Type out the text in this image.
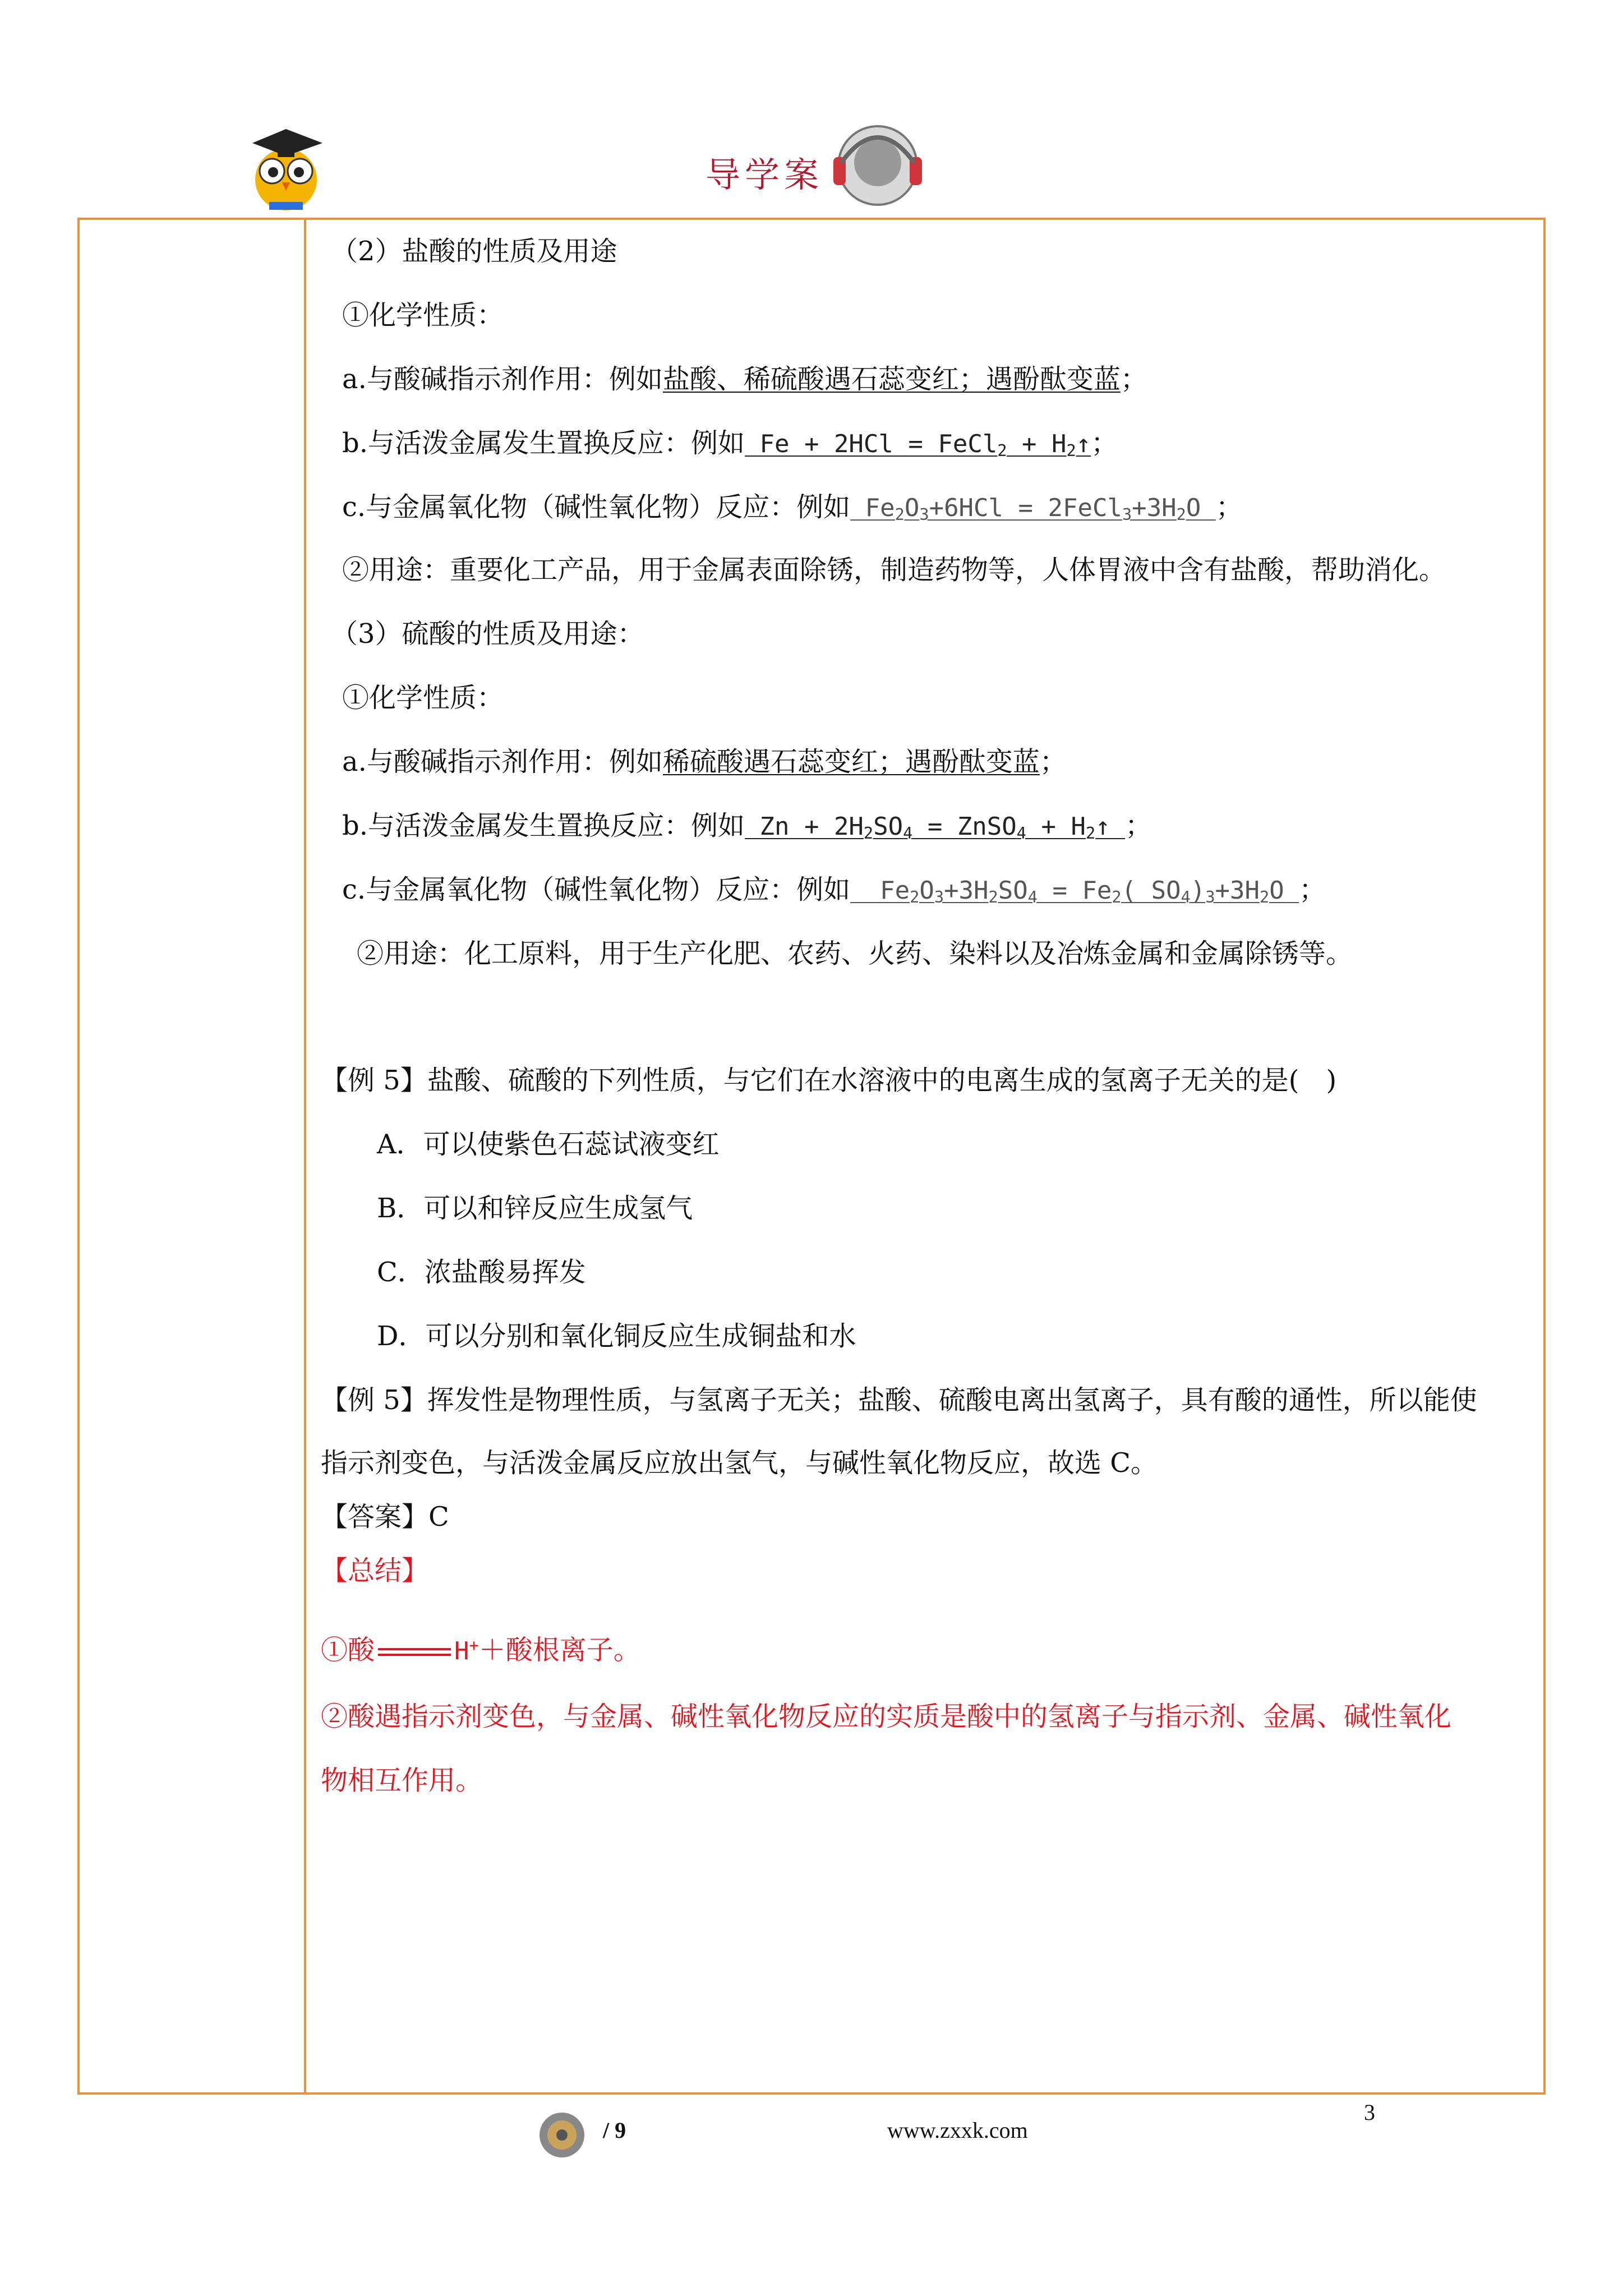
导学案
（2）盐酸的性质及用途
①化学性质：
a.与酸碱指示剂作用：例如盐酸、稀硫酸遇石蕊变红；遇酚酞变蓝；
b.与活泼金属发生置换反应：例如 Fe + 2HCl = FeCl$_2$ + $H_2↑$；
c.与金属氧化物（碱性氧化物）反应：例如 $Fe_2O_3+6HCl$ = $2FeCl_3+3H_2O$ ；
②用途：重要化工产品，用于金属表面除锈，制造药物等，人体胃液中含有盐酸，帮助消化。
（3）硫酸的性质及用途：
①化学性质：
a.与酸碱指示剂作用：例如稀硫酸遇石蕊变红；遇酚酞变蓝；
b.与活泼金属发生置换反应：例如 $Zn + 2H_2SO_4$ = ZnSO$_4$ + $H_2↑$ ；
c.与金属氧化物（碱性氧化物）反应：例如  $Fe_2O_3+3H_2SO_4 = Fe_2$( $SO_4)_3+3H_2O$ ；
②用途：化工原料，用于生产化肥、农药、火药、染料以及冶炼金属和金属除锈等。
【例 5】盐酸、硫酸的下列性质，与它们在水溶液中的电离生成的氢离子无关的是(　)
A．可以使紫色石蕊试液变红
B．可以和锌反应生成氢气
C．浓盐酸易挥发
D．可以分别和氧化铜反应生成铜盐和水
【例 5】挥发性是物理性质，与氢离子无关；盐酸、硫酸电离出氢离子，具有酸的通性，所以能使
指示剂变色，与活泼金属反应放出氢气，与碱性氧化物反应，故选 C。
【答案】C
【总结】
①酸	H+＋酸根离子。
②酸遇指示剂变色，与金属、碱性氧化物反应的实质是酸中的氢离子与指示剂、金属、碱性氧化
物相互作用。
/ 9	www.zxxk.com
3
